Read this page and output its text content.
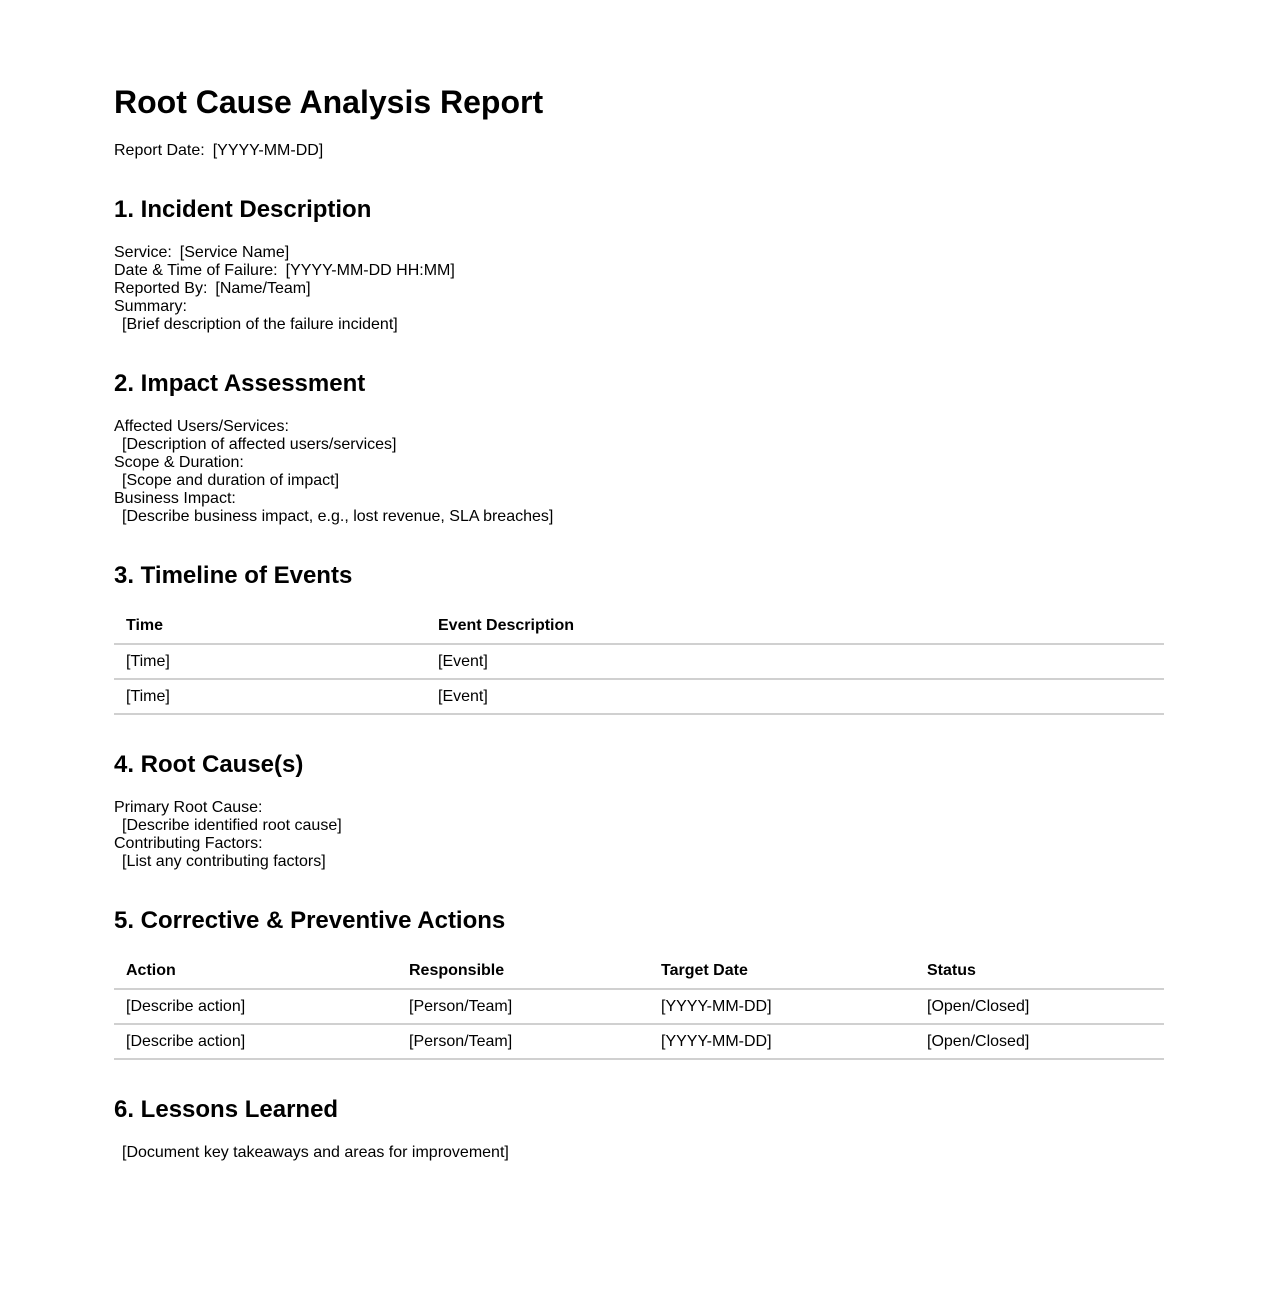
Root Cause Analysis Report
Report Date: [YYYY-MM-DD]
1. Incident Description
Service: [Service Name]
Date & Time of Failure: [YYYY-MM-DD HH:MM]
Reported By: [Name/Team]
Summary:
[Brief description of the failure incident]
2. Impact Assessment
Affected Users/Services:
[Description of affected users/services]
Scope & Duration:
[Scope and duration of impact]
Business Impact:
[Describe business impact, e.g., lost revenue, SLA breaches]
3. Timeline of Events
Time	Event Description
[Time]	[Event]
[Time]	[Event]
4. Root Cause(s)
Primary Root Cause:
[Describe identified root cause]
Contributing Factors:
[List any contributing factors]
5. Corrective & Preventive Actions
Action	Responsible	Target Date	Status
[Describe action]	[Person/Team]	[YYYY-MM-DD]	[Open/Closed]
[Describe action]	[Person/Team]	[YYYY-MM-DD]	[Open/Closed]
6. Lessons Learned
[Document key takeaways and areas for improvement]
